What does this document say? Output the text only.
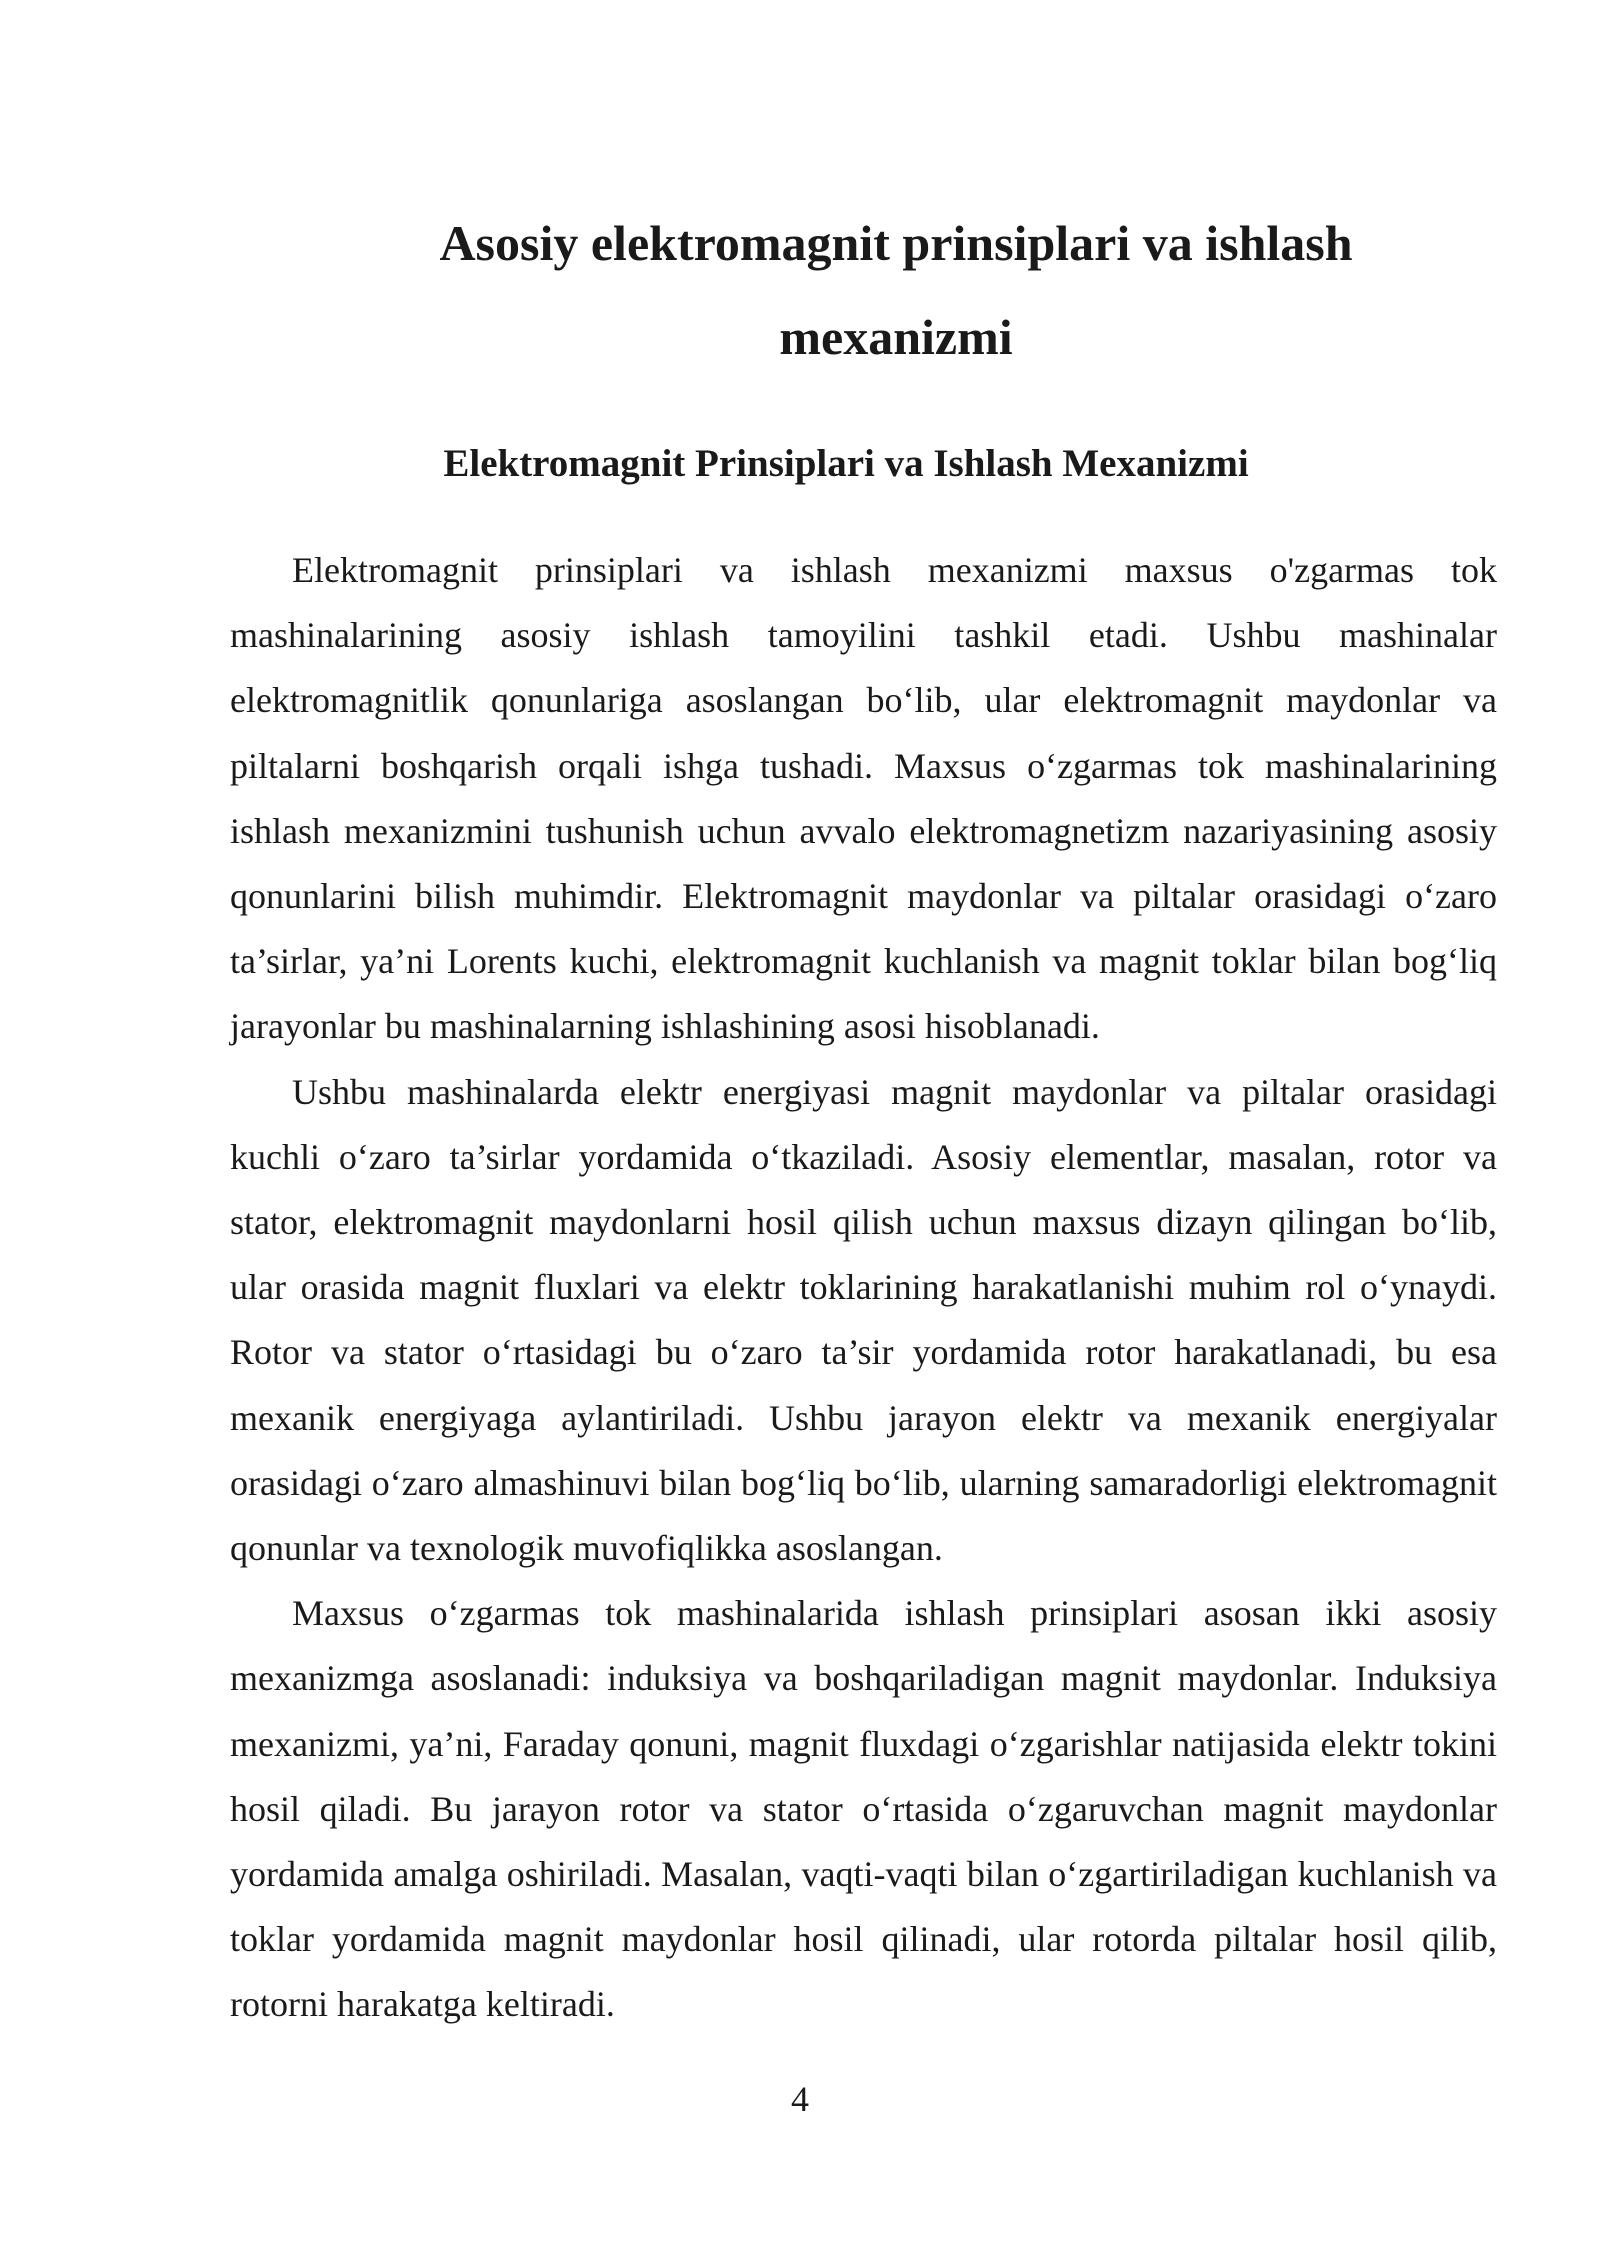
Asosiy elektromagnit prinsiplari va ishlash mexanizmi
Elektromagnit Prinsiplari va Ishlash Mexanizmi

Elektromagnit prinsiplari va ishlash mexanizmi maxsus o'zgarmas tok mashinalarining asosiy ishlash tamoyilini tashkil etadi. Ushbu mashinalar elektromagnitlik qonunlariga asoslangan bo‘lib, ular elektromagnit maydonlar va piltalarni boshqarish orqali ishga tushadi. Maxsus o‘zgarmas tok mashinalarining ishlash mexanizmini tushunish uchun avvalo elektromagnetizm nazariyasining asosiy qonunlarini bilish muhimdir. Elektromagnit maydonlar va piltalar orasidagi o‘zaro ta’sirlar, ya’ni Lorents kuchi, elektromagnit kuchlanish va magnit toklar bilan bog‘liq jarayonlar bu mashinalarning ishlashining asosi hisoblanadi.

Ushbu mashinalarda elektr energiyasi magnit maydonlar va piltalar orasidagi kuchli o‘zaro ta’sirlar yordamida o‘tkaziladi. Asosiy elementlar, masalan, rotor va stator, elektromagnit maydonlarni hosil qilish uchun maxsus dizayn qilingan bo‘lib, ular orasida magnit fluxlari va elektr toklarining harakatlanishi muhim rol o‘ynaydi. Rotor va stator o‘rtasidagi bu o‘zaro ta’sir yordamida rotor harakatlanadi, bu esa mexanik energiyaga aylantiriladi. Ushbu jarayon elektr va mexanik energiyalar orasidagi o‘zaro almashinuvi bilan bog‘liq bo‘lib, ularning samaradorligi elektromagnit qonunlar va texnologik muvofiqlikka asoslangan.

Maxsus o‘zgarmas tok mashinalarida ishlash prinsiplari asosan ikki asosiy mexanizmga asoslanadi: induksiya va boshqariladigan magnit maydonlar. Induksiya mexanizmi, ya’ni, Faraday qonuni, magnit fluxdagi o‘zgarishlar natijasida elektr tokini hosil qiladi. Bu jarayon rotor va stator o‘rtasida o‘zgaruvchan magnit maydonlar yordamida amalga oshiriladi. Masalan, vaqti-vaqti bilan o‘zgartiriladigan kuchlanish va toklar yordamida magnit maydonlar hosil qilinadi, ular rotorda piltalar hosil qilib, rotorni harakatga keltiradi.

4
